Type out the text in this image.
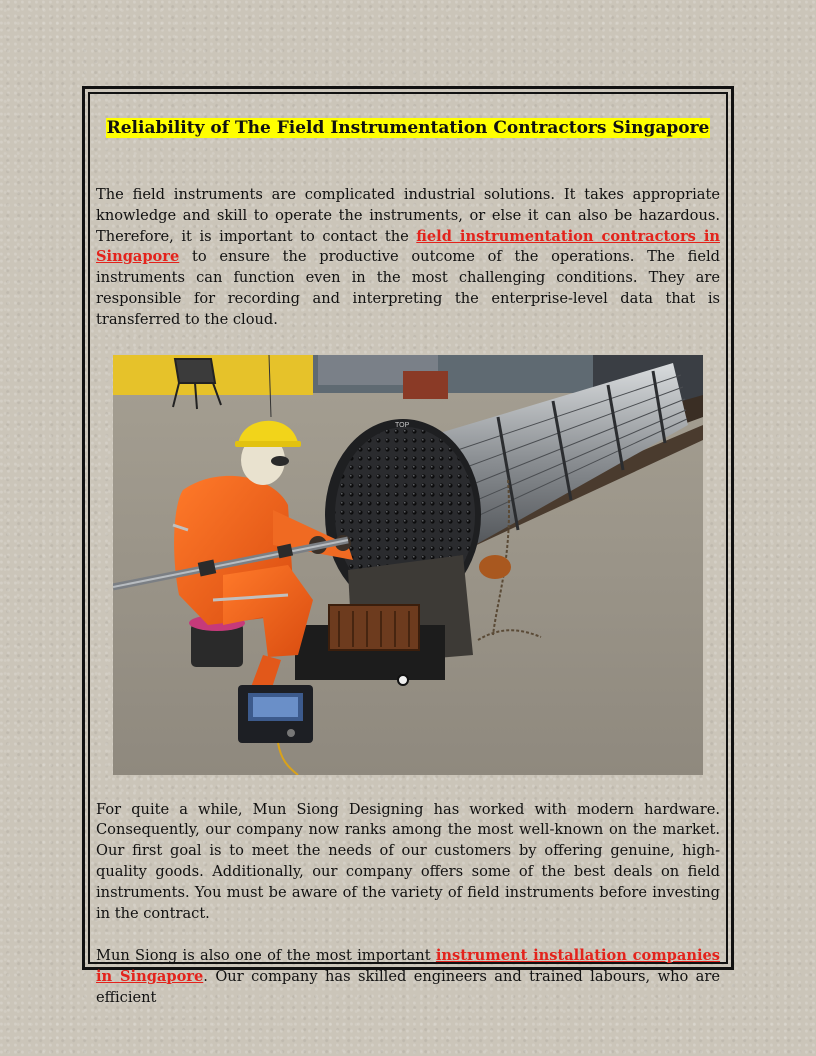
Reliability of The Field Instrumentation Contractors Singapore

The field instruments are complicated industrial solutions. It takes appropriate knowledge and skill to operate the instruments, or else it can also be hazardous. Therefore, it is important to contact the field instrumentation contractors in Singapore to ensure the productive outcome of the operations. The field instruments can function even in the most challenging conditions. They are responsible for recording and interpreting the enterprise-level data that is transferred to the cloud.

TOP

For quite a while, Mun Siong Designing has worked with modern hardware. Consequently, our company now ranks among the most well-known on the market. Our first goal is to meet the needs of our customers by offering genuine, high-quality goods. Additionally, our company offers some of the best deals on field instruments. You must be aware of the variety of field instruments before investing in the contract.

Mun Siong is also one of the most important instrument installation companies in Singapore. Our company has skilled engineers and trained labours, who are efficient
